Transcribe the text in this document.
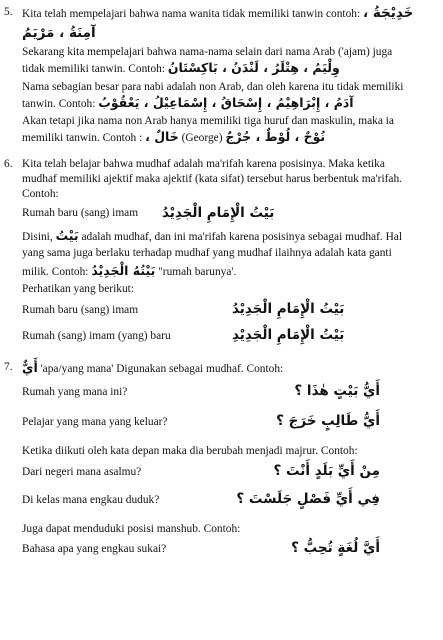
5. Kita telah mempelajari bahwa nama wanita tidak memiliki tanwin contoh: خَدِيْجَةُ ،
آمِنَةُ ، مَرْيَمُ
Sekarang kita mempelajari bahwa nama-nama selain dari nama Arab ('ajam) juga
tidak memiliki tanwin. Contoh: وِلْيَمُ ، هِتْلَرُ ، لَنْدَنُ ، بَاكِسْتَانُ
Nama sebagian besar para nabi adalah non Arab, dan oleh karena itu tidak memiliki
tanwin. Contoh: آدَمُ ، إِبْرَاهِيْمُ ، إِسْحَاقُ ، إِسْمَاعِيْلُ ، يَعْقُوْبُ
Akan tetapi jika nama non Arab hanya memiliki tiga huruf dan maskulin, maka ia
memiliki tanwin. Contoh : خَالٌ ، (George) نُوْحٌ ، لُوْطٌ ، جُرْجٌ
6. Kita telah belajar bahwa mudhaf adalah ma'rifah karena posisinya. Maka ketika
mudhaf memiliki ajektif maka ajektif (kata sifat) tersebut harus berbentuk ma'rifah.
Contoh:
Rumah baru (sang) imam	بَيْتُ الْإِمَامِ الْجَدِيْدُ
Disini, بَيْتُ adalah mudhaf, dan ini ma'rifah karena posisinya sebagai mudhaf. Hal
yang sama juga berlaku terhadap mudhaf yang mudhaf ilaihnya adalah kata ganti
milik. Contoh: بَيْتُهُ الْجَدِيْدُ "rumah barunya'.
Perhatikan yang berikut:
Rumah baru (sang) imam	بَيْتُ الْإِمَامِ الْجَدِيْدُ
Rumah (sang) imam (yang) baru	بَيْتُ الْإِمَامِ الْجَدِيْدِ
7. أَيٌّ 'apa/yang mana' Digunakan sebagai mudhaf. Contoh:
Rumah yang mana ini?	أَيُّ بَيْتٍ هٰذَا ؟
Pelajar yang mana yang keluar?	أَيُّ طَالِبٍ خَرَجَ ؟
Ketika diikuti oleh kata depan maka dia berubah menjadi majrur. Contoh:
Dari negeri mana asalmu?	مِنْ أَيِّ بَلَدٍ أَنْتَ ؟
Di kelas mana engkau duduk?	فِي أَيِّ فَصْلٍ جَلَسْتَ ؟
Juga dapat menduduki posisi manshub. Contoh:
Bahasa apa yang engkau sukai?	أَيَّ لُغَةٍ تُحِبُّ ؟
